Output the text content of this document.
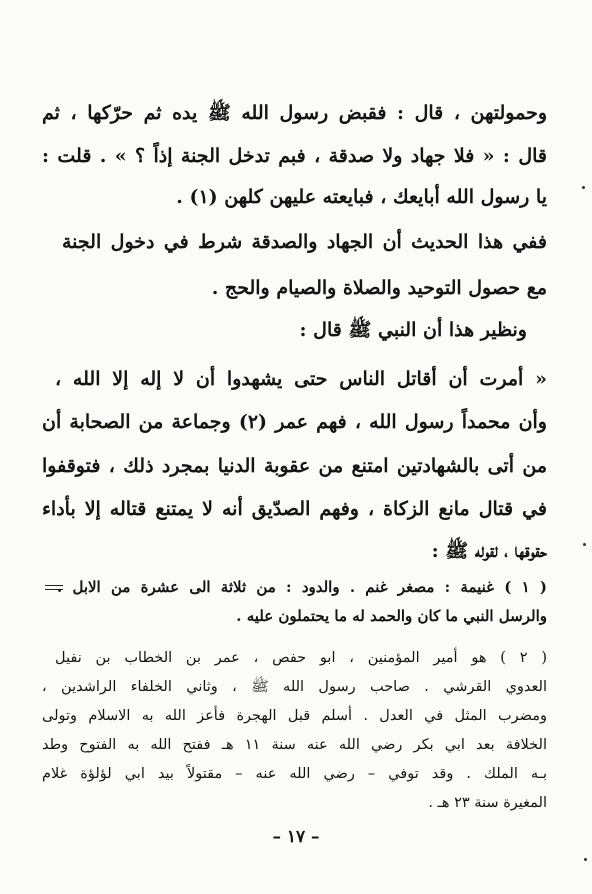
وحمولتهن ، قال : فقبض رسول الله ﷺ يده ثم حرّكها ، ثم
قال : « فلا جهاد ولا صدقة ، فبم تدخل الجنة إذاً ؟ » . قلت :
يا رسول الله أبايعك ، فبايعته عليهن كلهن (١) .
ففي هذا الحديث أن الجهاد والصدقة شرط في دخول الجنة
مع حصول التوحيد والصلاة والصيام والحج .
ونظير هذا أن النبي ﷺ قال :
« أمرت أن أقاتل الناس حتى يشهدوا أن لا إله إلا الله ،
وأن محمداً رسول الله ، فهم عمر (٢) وجماعة من الصحابة أن
من أتى بالشهادتين امتنع من عقوبة الدنيا بمجرد ذلك ، فتوقفوا
في قتال مانع الزكاة ، وفهم الصدّيق أنه لا يمتنع قتاله إلا بأداء
حقوقها ، لقوله ﷺ :
( ١ ) غنيمة : مصغر غنم . والدود : من ثلاثة الى عشرة من الابل .
والرسل النبي ما كان والحمد له ما يحتملون عليه .
( ٢ ) هو أمير المؤمنين ، ابو حفص ، عمر بن الخطاب بن نفيل
العدوي القرشي . صاحب رسول الله ﷺ ، وثاني الخلفاء الراشدين ،
ومضرب المثل في العدل . أسلم قبل الهجرة فأعز الله به الاسلام وتولى
الخلافة بعد ابي بكر رضي الله عنه سنة ١١ هـ ففتح الله به الفتوح وطد
بـه الملك . وقد توفي – رضي الله عنه – مقتولاً بيد ابي لؤلؤة غلام
المغيرة سنة ٢٣ هـ .
– ١٧ –
